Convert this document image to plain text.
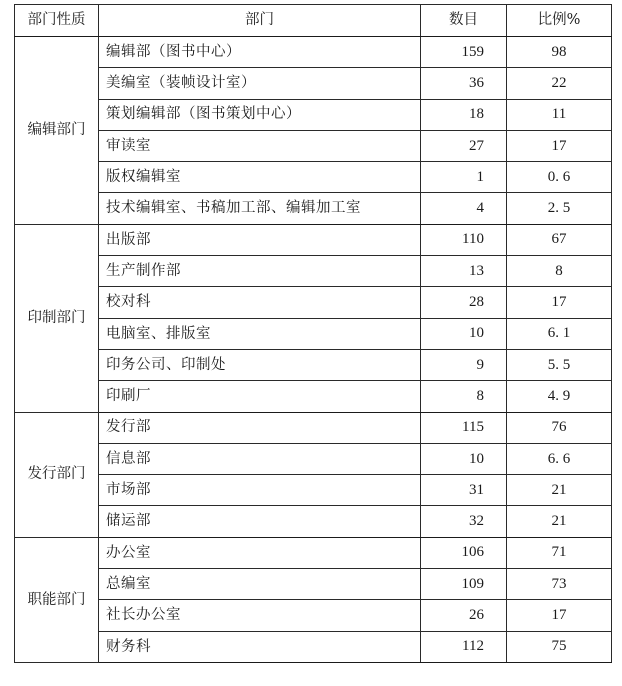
部门性质	部门	数目	比例%
编辑部门	编辑部（图书中心）	159	98
	美编室（装帧设计室）	36	22
	策划编辑部（图书策划中心）	18	11
	审读室	27	17
	版权编辑室	1	0. 6
	技术编辑室、书稿加工部、编辑加工室	4	2. 5
印制部门	出版部	110	67
	生产制作部	13	8
	校对科	28	17
	电脑室、排版室	10	6. 1
	印务公司、印制处	9	5. 5
	印刷厂	8	4. 9
发行部门	发行部	115	76
	信息部	10	6. 6
	市场部	31	21
	储运部	32	21
职能部门	办公室	106	71
	总编室	109	73
	社长办公室	26	17
	财务科	112	75
